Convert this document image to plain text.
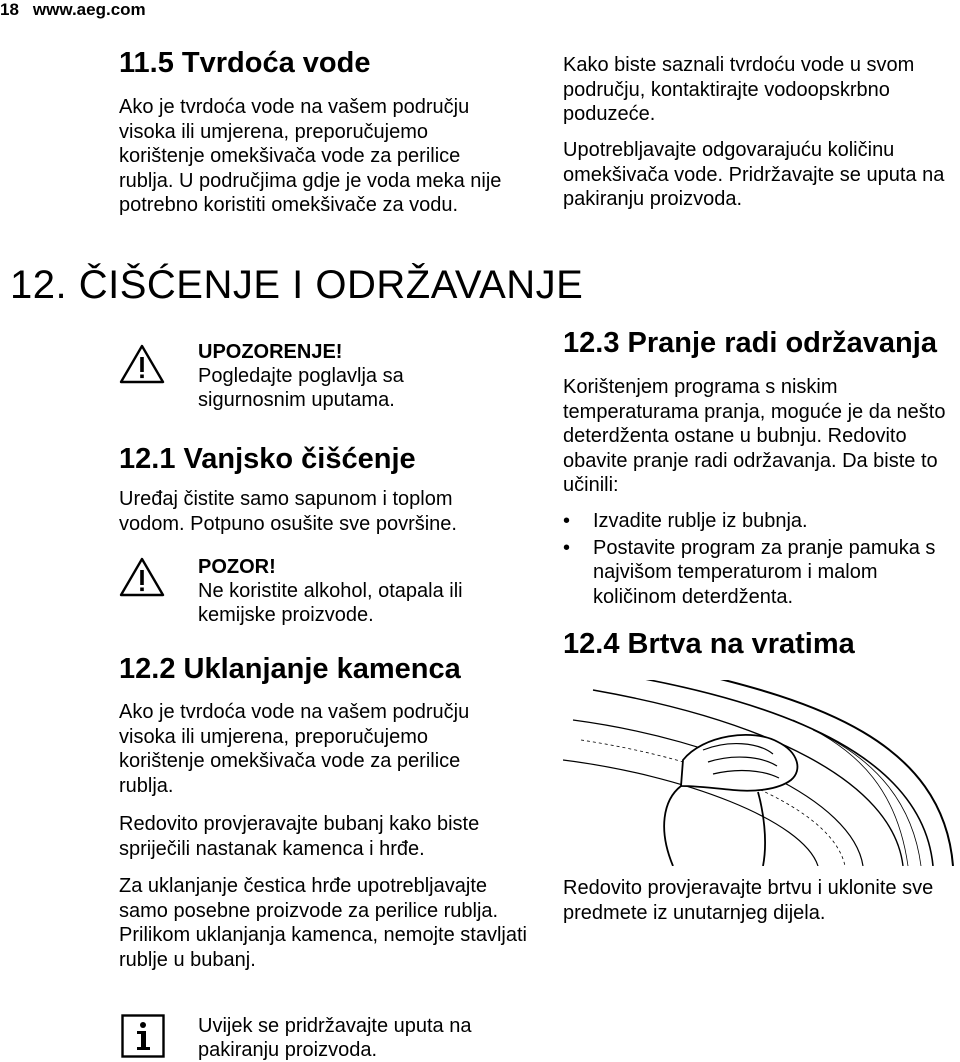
18 www.aeg.com
11.5 Tvrdoća vode

Ako je tvrdoća vode na vašem području visoka ili umjerena, preporučujemo korištenje omekšivača vode za perilice rublja. U područjima gdje je voda meka nije potrebno koristiti omekšivače za vodu.

Kako biste saznali tvrdoću vode u svom području, kontaktirajte vodoopskrbno poduzeće.

Upotrebljavajte odgovarajuću količinu omekšivača vode. Pridržavajte se uputa na pakiranju proizvoda.

12. ČIŠĆENJE I ODRŽAVANJE
UPOZORENJE!

Pogledajte poglavlja sa sigurnosnim uputama.

12.1 Vanjsko čišćenje

Uređaj čistite samo sapunom i toplom vodom. Potpuno osušite sve površine.

POZOR!

Ne koristite alkohol, otapala ili kemijske proizvode.

12.2 Uklanjanje kamenca

Ako je tvrdoća vode na vašem području visoka ili umjerena, preporučujemo korištenje omekšivača vode za perilice rublja.

Redovito provjeravajte bubanj kako biste spriječili nastanak kamenca i hrđe.

Za uklanjanje čestica hrđe upotrebljavajte samo posebne proizvode za perilice rublja. Prilikom uklanjanja kamenca, nemojte stavljati rublje u bubanj.

Uvijek se pridržavajte uputa na pakiranju proizvoda.

12.3 Pranje radi održavanja

Korištenjem programa s niskim temperaturama pranja, moguće je da nešto deterdženta ostane u bubnju. Redovito obavite pranje radi održavanja. Da biste to učinili:

• Izvadite rublje iz bubnja.
• Postavite program za pranje pamuka s najvišom temperaturom i malom količinom deterdženta.
12.4 Brtva na vratima

Redovito provjeravajte brtvu i uklonite sve predmete iz unutarnjeg dijela.
